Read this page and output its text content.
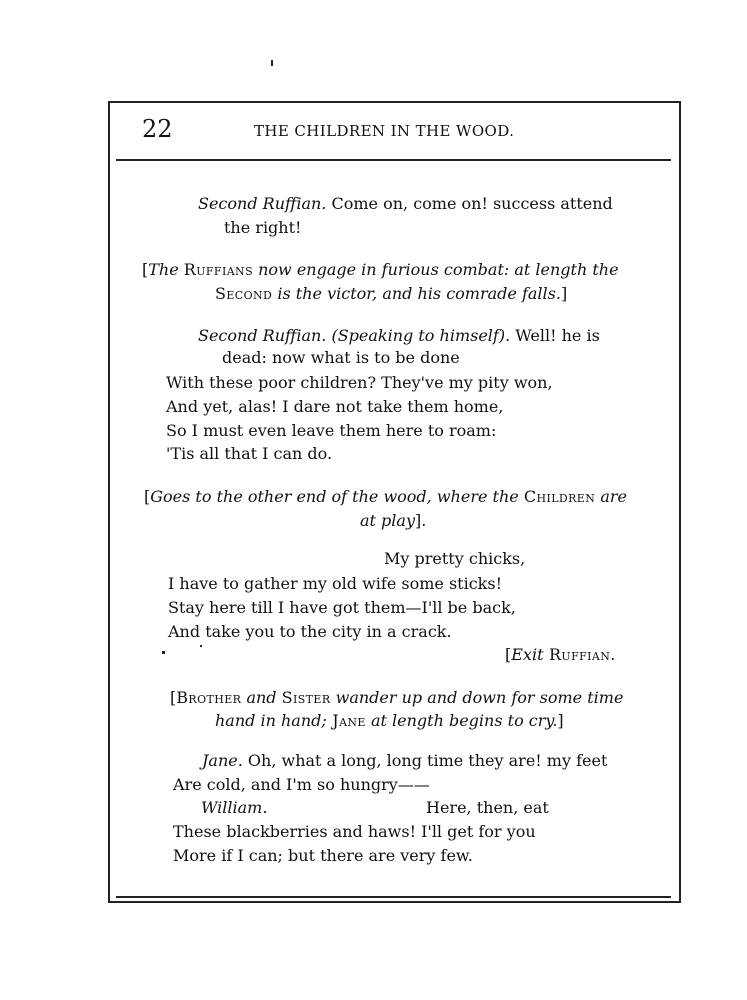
22	THE CHILDREN IN THE WOOD.
Second Ruffian. Come on, come on! success attend
the right!
[The Ruffians now engage in furious combat: at length the
Second is the victor, and his comrade falls.]
Second Ruffian. (Speaking to himself). Well! he is
dead: now what is to be done
With these poor children? They've my pity won,
And yet, alas! I dare not take them home,
So I must even leave them here to roam:
'Tis all that I can do.
[Goes to the other end of the wood, where the Children are
at play].
My pretty chicks,
I have to gather my old wife some sticks!
Stay here till I have got them—I'll be back,
And take you to the city in a crack.
[Exit Ruffian.
[Brother and Sister wander up and down for some time
hand in hand; Jane at length begins to cry.]
Jane. Oh, what a long, long time they are! my feet
Are cold, and I'm so hungry——
William.	Here, then, eat
These blackberries and haws! I'll get for you
More if I can; but there are very few.
